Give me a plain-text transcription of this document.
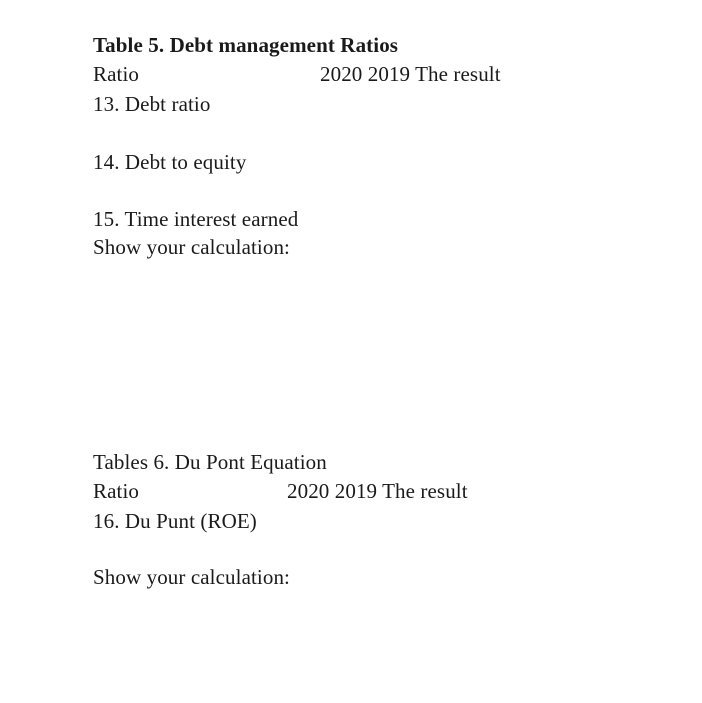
Table 5. Debt management Ratios
Ratio	2020 2019 The result
13. Debt ratio
14. Debt to equity
15. Time interest earned
Show your calculation:
Tables 6. Du Pont Equation
Ratio	2020 2019 The result
16. Du Punt (ROE)
Show your calculation:
